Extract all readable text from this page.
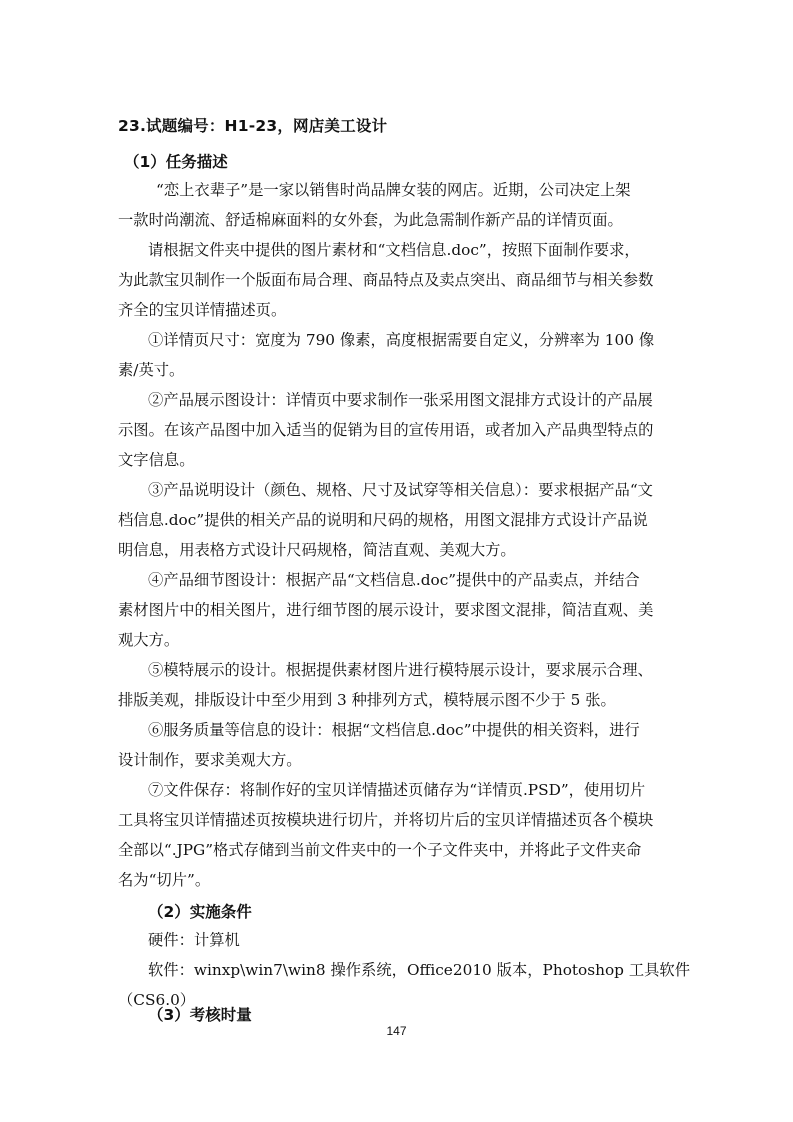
23.试题编号：H1-23，网店美工设计
（1）任务描述
“恋上衣辈子”是一家以销售时尚品牌女装的网店。近期，公司决定上架
一款时尚潮流、舒适棉麻面料的女外套，为此急需制作新产品的详情页面。
请根据文件夹中提供的图片素材和“文档信息.doc”，按照下面制作要求，
为此款宝贝制作一个版面布局合理、商品特点及卖点突出、商品细节与相关参数
齐全的宝贝详情描述页。
①详情页尺寸：宽度为 790 像素，高度根据需要自定义，分辨率为 100 像
素/英寸。
②产品展示图设计：详情页中要求制作一张采用图文混排方式设计的产品展
示图。在该产品图中加入适当的促销为目的宣传用语，或者加入产品典型特点的
文字信息。
③产品说明设计（颜色、规格、尺寸及试穿等相关信息）：要求根据产品“文
档信息.doc”提供的相关产品的说明和尺码的规格，用图文混排方式设计产品说
明信息，用表格方式设计尺码规格，简洁直观、美观大方。
④产品细节图设计：根据产品“文档信息.doc”提供中的产品卖点，并结合
素材图片中的相关图片，进行细节图的展示设计，要求图文混排，简洁直观、美
观大方。
⑤模特展示的设计。根据提供素材图片进行模特展示设计，要求展示合理、
排版美观，排版设计中至少用到 3 种排列方式，模特展示图不少于 5 张。
⑥服务质量等信息的设计：根据“文档信息.doc”中提供的相关资料，进行
设计制作，要求美观大方。
⑦文件保存：将制作好的宝贝详情描述页储存为“详情页.PSD”，使用切片
工具将宝贝详情描述页按模块进行切片，并将切片后的宝贝详情描述页各个模块
全部以“.JPG”格式存储到当前文件夹中的一个子文件夹中，并将此子文件夹命
名为“切片”。
（2）实施条件
硬件：计算机
软件：winxp\win7\win8 操作系统，Office2010 版本，Photoshop 工具软件
（CS6.0）
（3）考核时量
147
